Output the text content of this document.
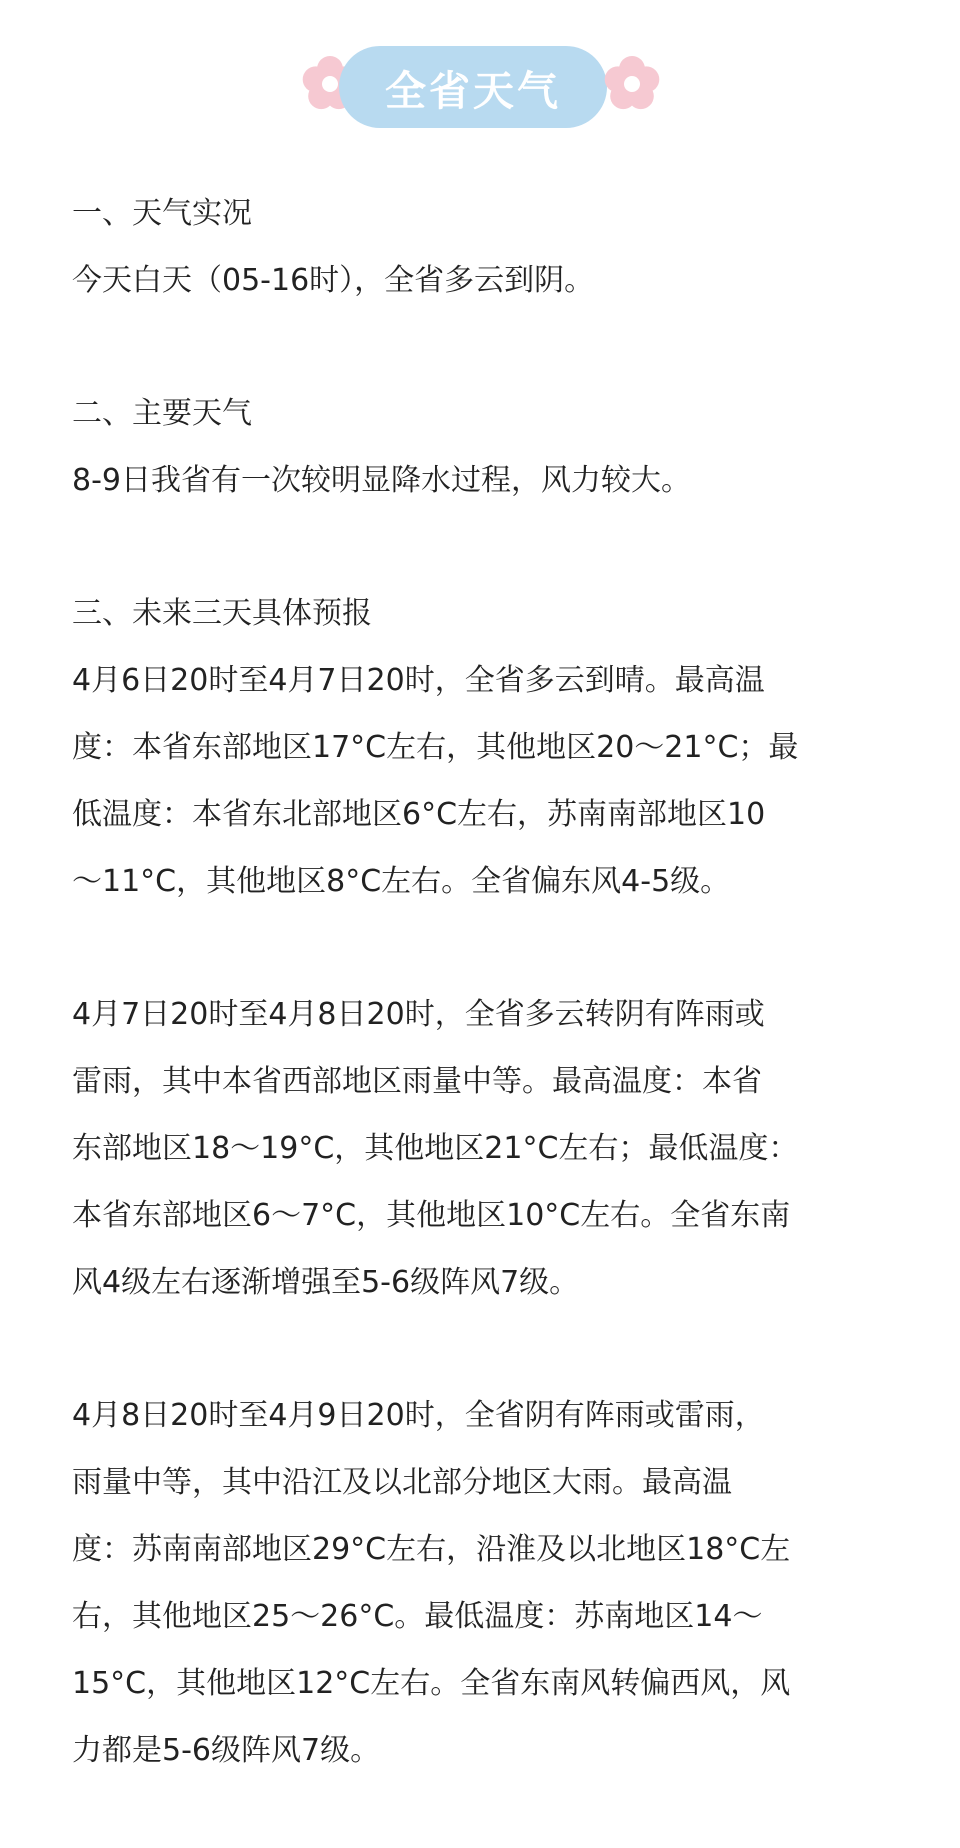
全省天气
一、天气实况
今天白天（05-16时），全省多云到阴。
二、主要天气
8-9日我省有一次较明显降水过程，风力较大。
三、未来三天具体预报
4月6日20时至4月7日20时，全省多云到晴。最高温
度：本省东部地区17°C左右，其他地区20～21°C；最
低温度：本省东北部地区6°C左右，苏南南部地区10
～11°C，其他地区8°C左右。全省偏东风4-5级。
4月7日20时至4月8日20时，全省多云转阴有阵雨或
雷雨，其中本省西部地区雨量中等。最高温度：本省
东部地区18～19°C，其他地区21°C左右；最低温度：
本省东部地区6～7°C，其他地区10°C左右。全省东南
风4级左右逐渐增强至5-6级阵风7级。
4月8日20时至4月9日20时，全省阴有阵雨或雷雨，
雨量中等，其中沿江及以北部分地区大雨。最高温
度：苏南南部地区29°C左右，沿淮及以北地区18°C左
右，其他地区25～26°C。最低温度：苏南地区14～
15°C，其他地区12°C左右。全省东南风转偏西风，风
力都是5-6级阵风7级。
